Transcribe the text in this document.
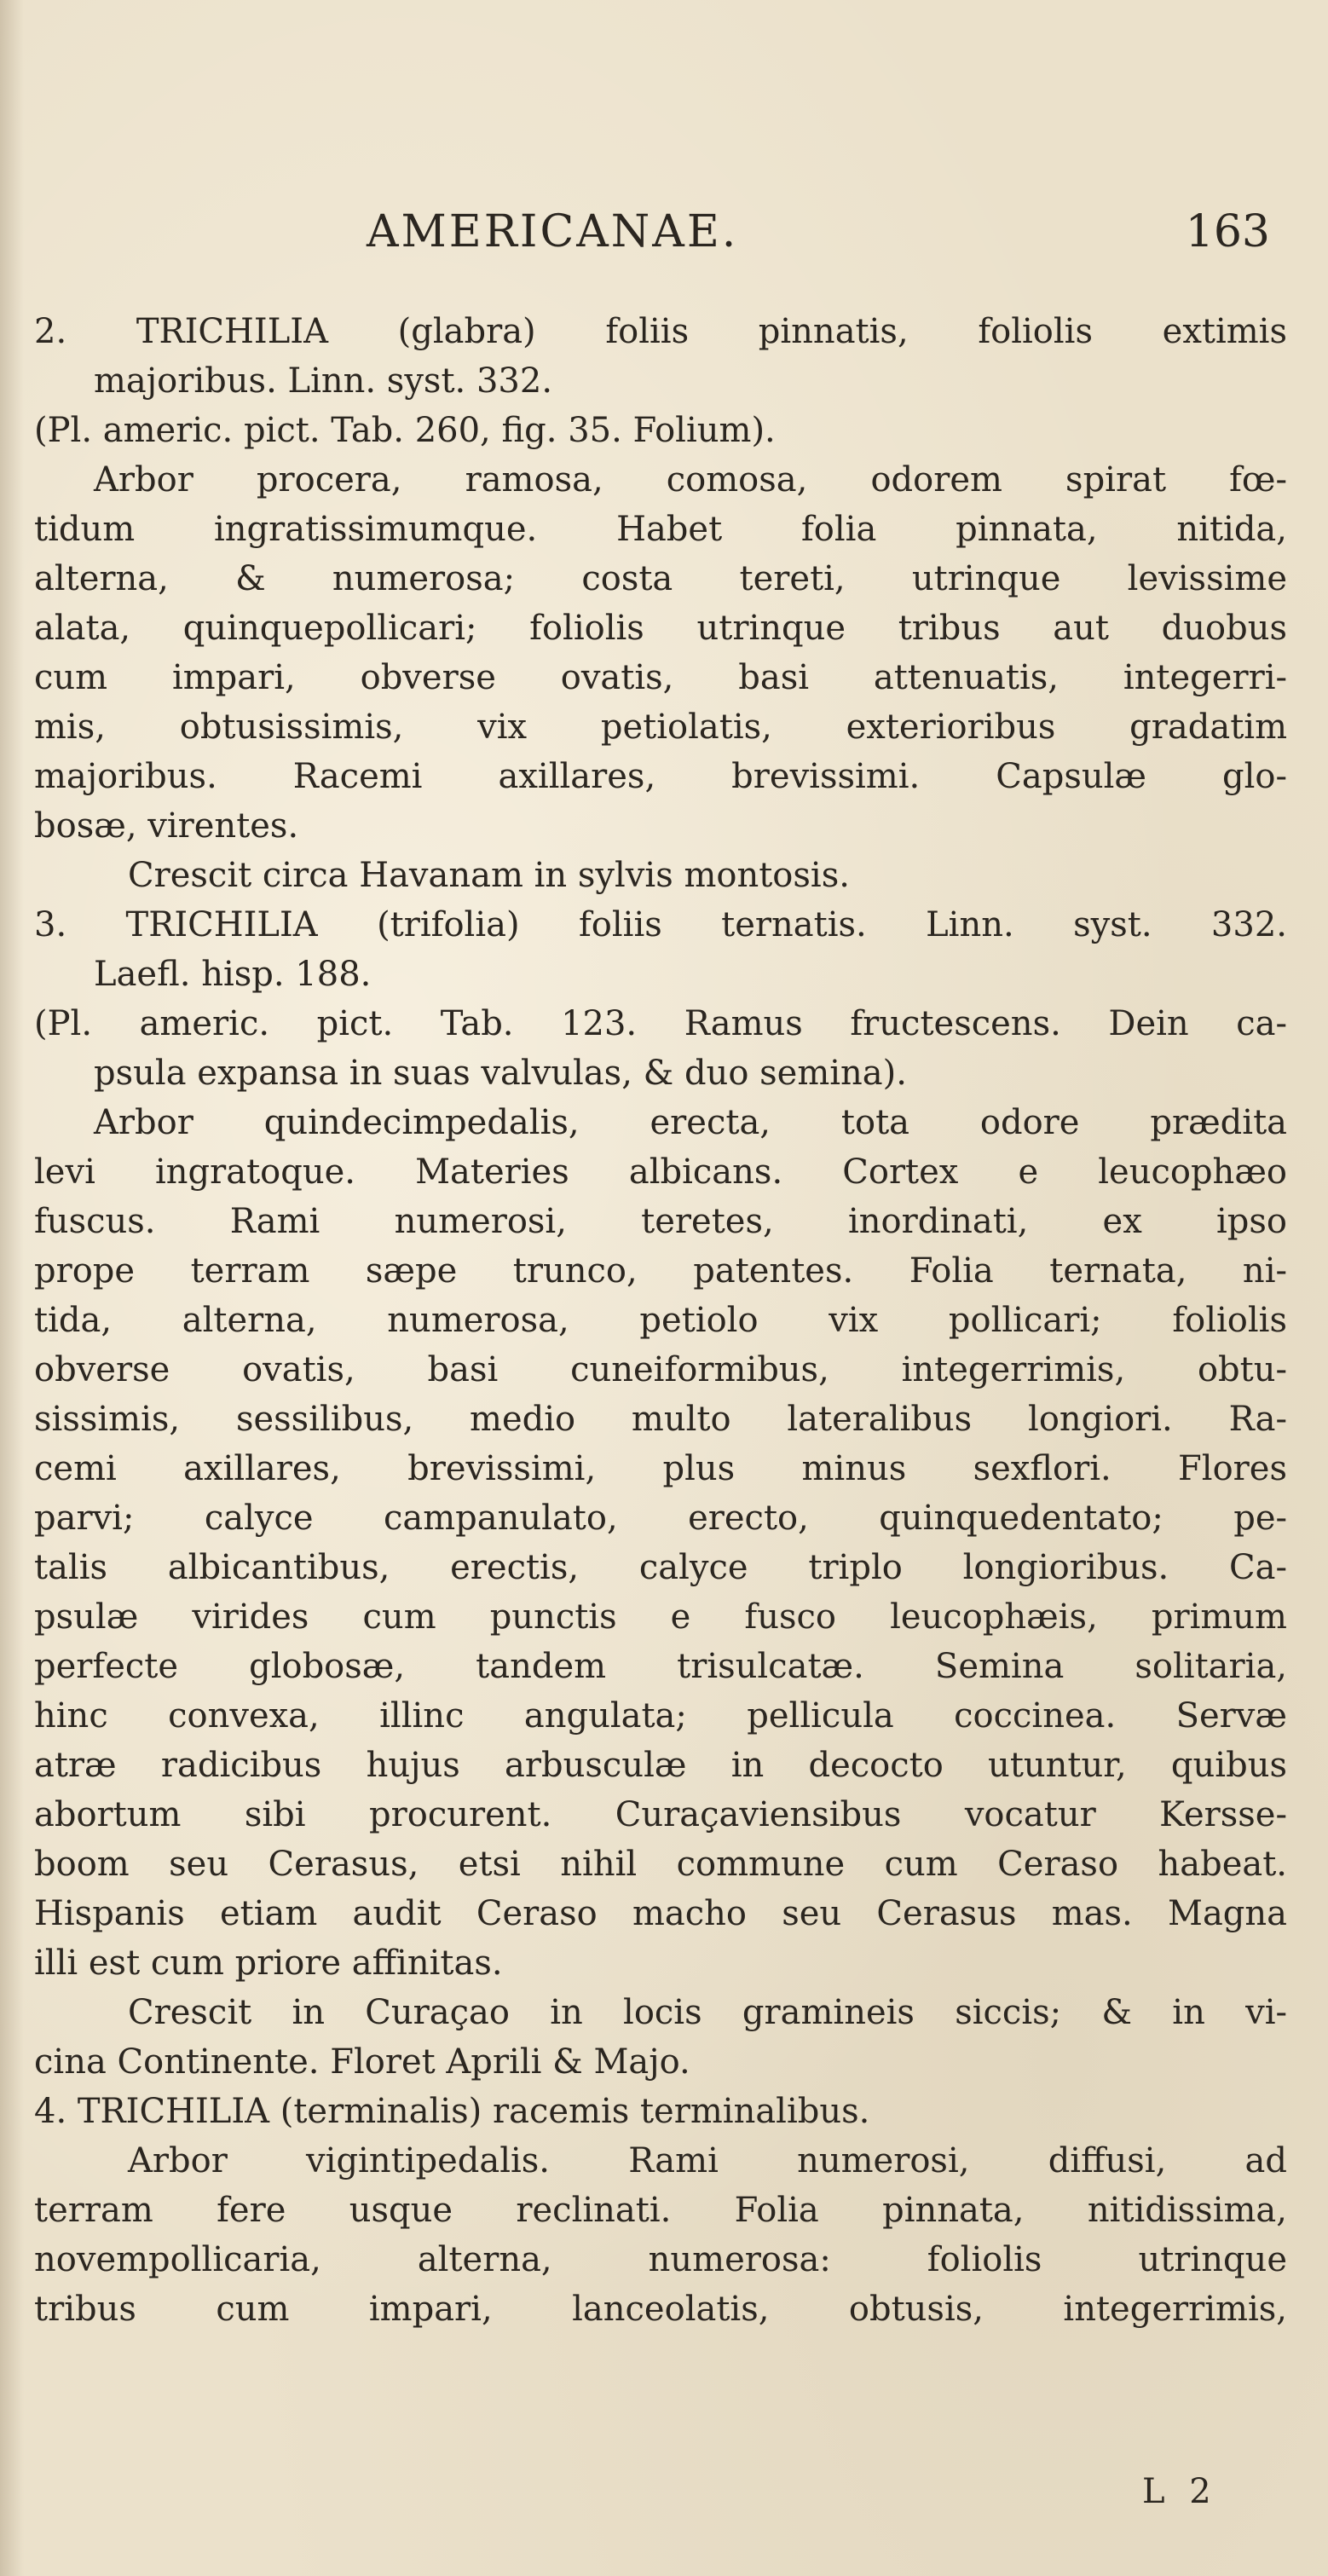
AMERICANAE.	163
2. TRICHILIA (glabra) foliis pinnatis, foliolis extimis
majoribus. Linn. syst. 332.
(Pl. americ. pict. Tab. 260, fig. 35. Folium).
Arbor procera, ramosa, comosa, odorem spirat fœ-
tidum ingratissimumque. Habet folia pinnata, nitida,
alterna, & numerosa; costa tereti, utrinque levissime
alata, quinquepollicari; foliolis utrinque tribus aut duobus
cum impari, obverse ovatis, basi attenuatis, integerri-
mis, obtusissimis, vix petiolatis, exterioribus gradatim
majoribus. Racemi axillares, brevissimi. Capsulæ glo-
bosæ, virentes.
Crescit circa Havanam in sylvis montosis.
3. TRICHILIA (trifolia) foliis ternatis. Linn. syst. 332.
Laefl. hisp. 188.
(Pl. americ. pict. Tab. 123. Ramus fructescens. Dein ca-
psula expansa in suas valvulas, & duo semina).
Arbor quindecimpedalis, erecta, tota odore prædita
levi ingratoque. Materies albicans. Cortex e leucophæo
fuscus. Rami numerosi, teretes, inordinati, ex ipso
prope terram sæpe trunco, patentes. Folia ternata, ni-
tida, alterna, numerosa, petiolo vix pollicari; foliolis
obverse ovatis, basi cuneiformibus, integerrimis, obtu-
sissimis, sessilibus, medio multo lateralibus longiori. Ra-
cemi axillares, brevissimi, plus minus sexflori. Flores
parvi; calyce campanulato, erecto, quinquedentato; pe-
talis albicantibus, erectis, calyce triplo longioribus. Ca-
psulæ virides cum punctis e fusco leucophæis, primum
perfecte globosæ, tandem trisulcatæ. Semina solitaria,
hinc convexa, illinc angulata; pellicula coccinea. Servæ
atræ radicibus hujus arbusculæ in decocto utuntur, quibus
abortum sibi procurent. Curaçaviensibus vocatur Kersse-
boom seu Cerasus, etsi nihil commune cum Ceraso habeat.
Hispanis etiam audit Ceraso macho seu Cerasus mas. Magna
illi est cum priore affinitas.
Crescit in Curaçao in locis gramineis siccis; & in vi-
cina Continente. Floret Aprili & Majo.
4. TRICHILIA (terminalis) racemis terminalibus.
Arbor vigintipedalis. Rami numerosi, diffusi, ad
terram fere usque reclinati. Folia pinnata, nitidissima,
novempollicaria, alterna, numerosa: foliolis utrinque
tribus cum impari, lanceolatis, obtusis, integerrimis,
L 2
